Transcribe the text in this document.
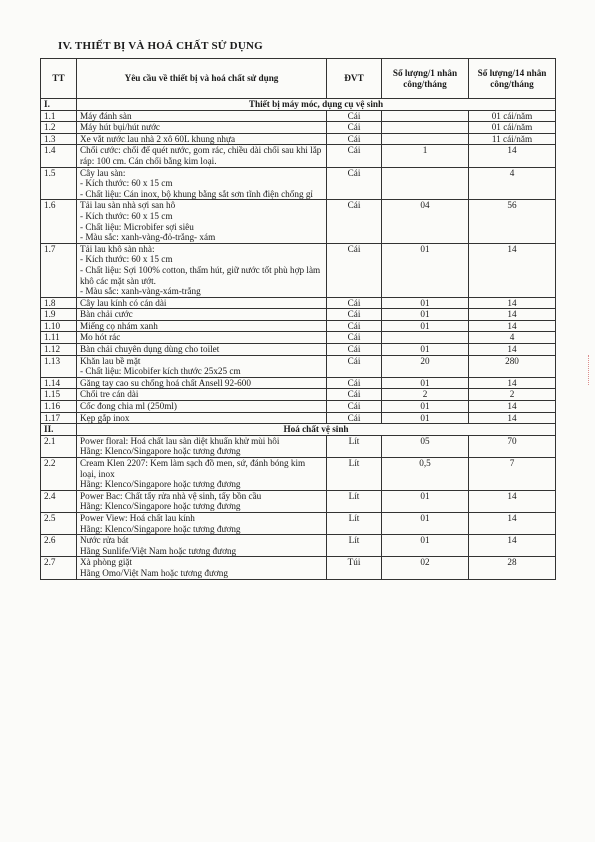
IV. THIẾT BỊ VÀ HOÁ CHẤT SỬ DỤNG
TT	Yêu cầu về thiết bị và hoá chất sử dụng	ĐVT	Số lượng/1 nhân công/tháng	Số lượng/14 nhân công/tháng
I.	Thiết bị máy móc, dụng cụ vệ sinh			
1.1	Máy đánh sàn	Cái		01 cái/năm
1.2	Máy hút bụi/hút nước	Cái		01 cái/năm
1.3	Xe vắt nước lau nhà 2 xô 60L khung nhựa	Cái		11 cái/năm
1.4	Chổi cước: chổi để quét nước, gom rác, chiều dài chổi sau khi lắp ráp: 100 cm. Cán chổi bằng kim loại.	Cái	1	14
1.5	Cây lau sàn:
- Kích thước: 60 x 15 cm
- Chất liệu: Cán inox, bộ khung bằng sắt sơn tĩnh điện chống gỉ	Cái		4
1.6	Tải lau sàn nhà sợi san hô
- Kích thước: 60 x 15 cm
- Chất liệu: Microbifer sợi siêu
- Màu sắc: xanh-vàng-đỏ-trắng- xám	Cái	04	56
1.7	Tải lau khô sàn nhà:
- Kích thước: 60 x 15 cm
- Chất liệu: Sợi 100% cotton, thấm hút, giữ nước tốt phù hợp làm khô các mặt sàn ướt.
- Màu sắc: xanh-vàng-xám-trắng	Cái	01	14
1.8	Cây lau kính có cán dài	Cái	01	14
1.9	Bàn chải cước	Cái	01	14
1.10	Miếng cọ nhám xanh	Cái	01	14
1.11	Mo hót rác	Cái		4
1.12	Bàn chải chuyên dụng dùng cho toilet	Cái	01	14
1.13	Khăn lau bề mặt
- Chất liệu: Micobifer kích thước 25x25 cm	Cái	20	280
1.14	Găng tay cao su chống hoá chất Ansell 92-600	Cái	01	14
1.15	Chổi tre cán dài	Cái	2	2
1.16	Cốc đong chia ml (250ml)	Cái	01	14
1.17	Kẹp gắp inox	Cái	01	14
II.	Hoá chất vệ sinh			
2.1	Power floral: Hoá chất lau sàn diệt khuẩn khử mùi hôi
Hãng: Klenco/Singapore hoặc tương đương	Lít	05	70
2.2	Cream Klen 2207: Kem làm sạch đồ men, sứ, đánh bóng kim loại, inox
Hãng: Klenco/Singapore hoặc tương đương	Lít	0,5	7
2.4	Power Bac: Chất tẩy rửa nhà vệ sinh, tẩy bồn cầu
Hãng: Klenco/Singapore hoặc tương đương	Lít	01	14
2.5	Power View: Hoá chất lau kính
Hãng: Klenco/Singapore hoặc tương đương	Lít	01	14
2.6	Nước rửa bát
Hãng Sunlife/Việt Nam hoặc tương đương	Lít	01	14
2.7	Xà phòng giặt
Hãng Omo/Việt Nam hoặc tương đương	Túi	02	28
